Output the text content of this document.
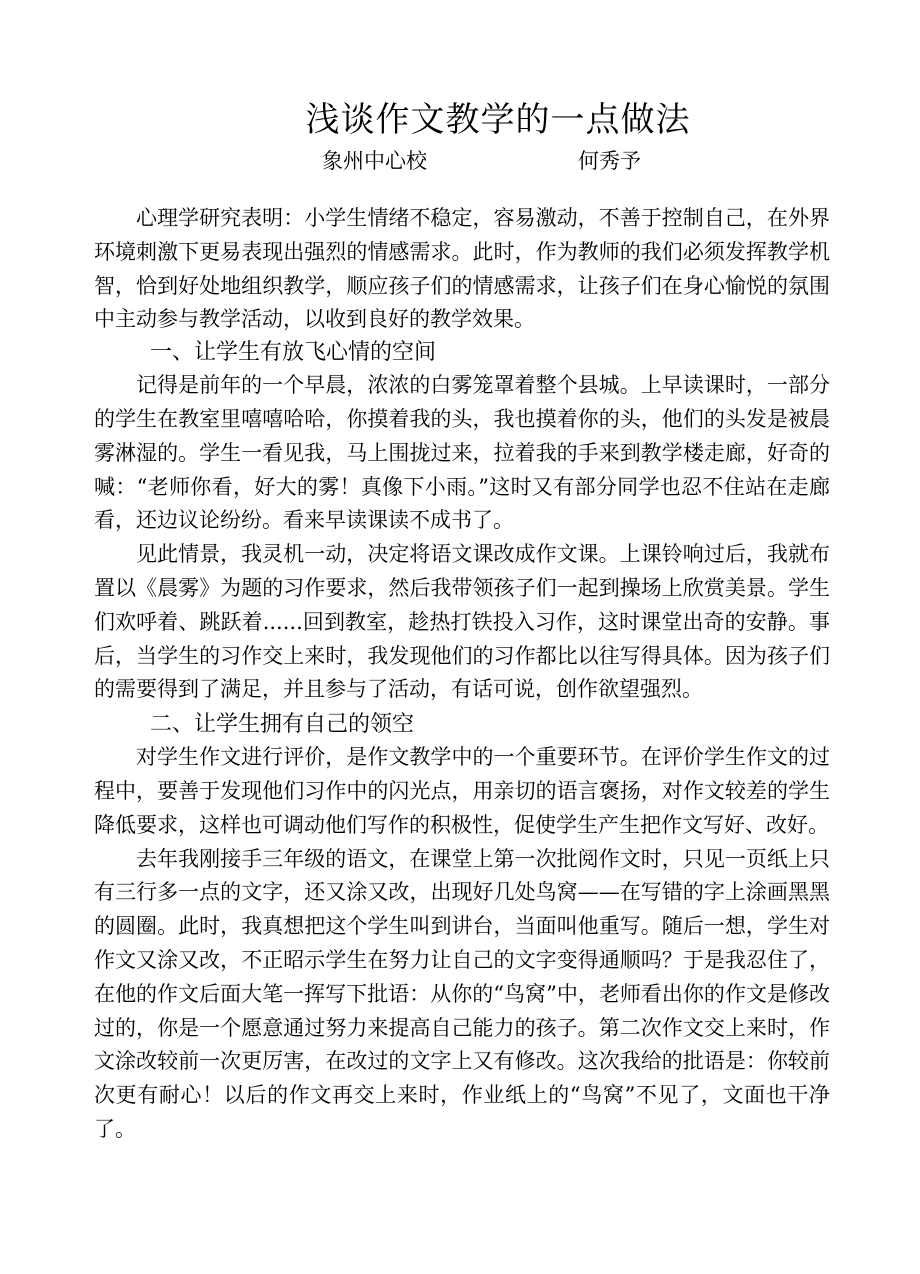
浅谈作文教学的一点做法
象州中心校	何秀予

心理学研究表明：小学生情绪不稳定，容易激动，不善于控制自己，在外界环境刺激下更易表现出强烈的情感需求。此时，作为教师的我们必须发挥教学机智，恰到好处地组织教学，顺应孩子们的情感需求，让孩子们在身心愉悦的氛围中主动参与教学活动，以收到良好的教学效果。

一、让学生有放飞心情的空间

记得是前年的一个早晨，浓浓的白雾笼罩着整个县城。上早读课时，一部分的学生在教室里嘻嘻哈哈，你摸着我的头，我也摸着你的头，他们的头发是被晨雾淋湿的。学生一看见我，马上围拢过来，拉着我的手来到教学楼走廊，好奇的喊：“老师你看，好大的雾！真像下小雨。”这时又有部分同学也忍不住站在走廊看，还边议论纷纷。看来早读课读不成书了。

见此情景，我灵机一动，决定将语文课改成作文课。上课铃响过后，我就布置以《晨雾》为题的习作要求，然后我带领孩子们一起到操场上欣赏美景。学生们欢呼着、跳跃着......回到教室，趁热打铁投入习作，这时课堂出奇的安静。事后，当学生的习作交上来时，我发现他们的习作都比以往写得具体。因为孩子们的需要得到了满足，并且参与了活动，有话可说，创作欲望强烈。

二、让学生拥有自己的领空

对学生作文进行评价，是作文教学中的一个重要环节。在评价学生作文的过程中，要善于发现他们习作中的闪光点，用亲切的语言褒扬，对作文较差的学生降低要求，这样也可调动他们写作的积极性，促使学生产生把作文写好、改好。

去年我刚接手三年级的语文，在课堂上第一次批阅作文时，只见一页纸上只有三行多一点的文字，还又涂又改，出现好几处鸟窝——在写错的字上涂画黑黑的圆圈。此时，我真想把这个学生叫到讲台，当面叫他重写。随后一想，学生对作文又涂又改，不正昭示学生在努力让自己的文字变得通顺吗？于是我忍住了，在他的作文后面大笔一挥写下批语：从你的“鸟窝”中，老师看出你的作文是修改过的，你是一个愿意通过努力来提高自己能力的孩子。第二次作文交上来时，作文涂改较前一次更厉害，在改过的文字上又有修改。这次我给的批语是：你较前次更有耐心！以后的作文再交上来时，作业纸上的“鸟窝”不见了，文面也干净了。
